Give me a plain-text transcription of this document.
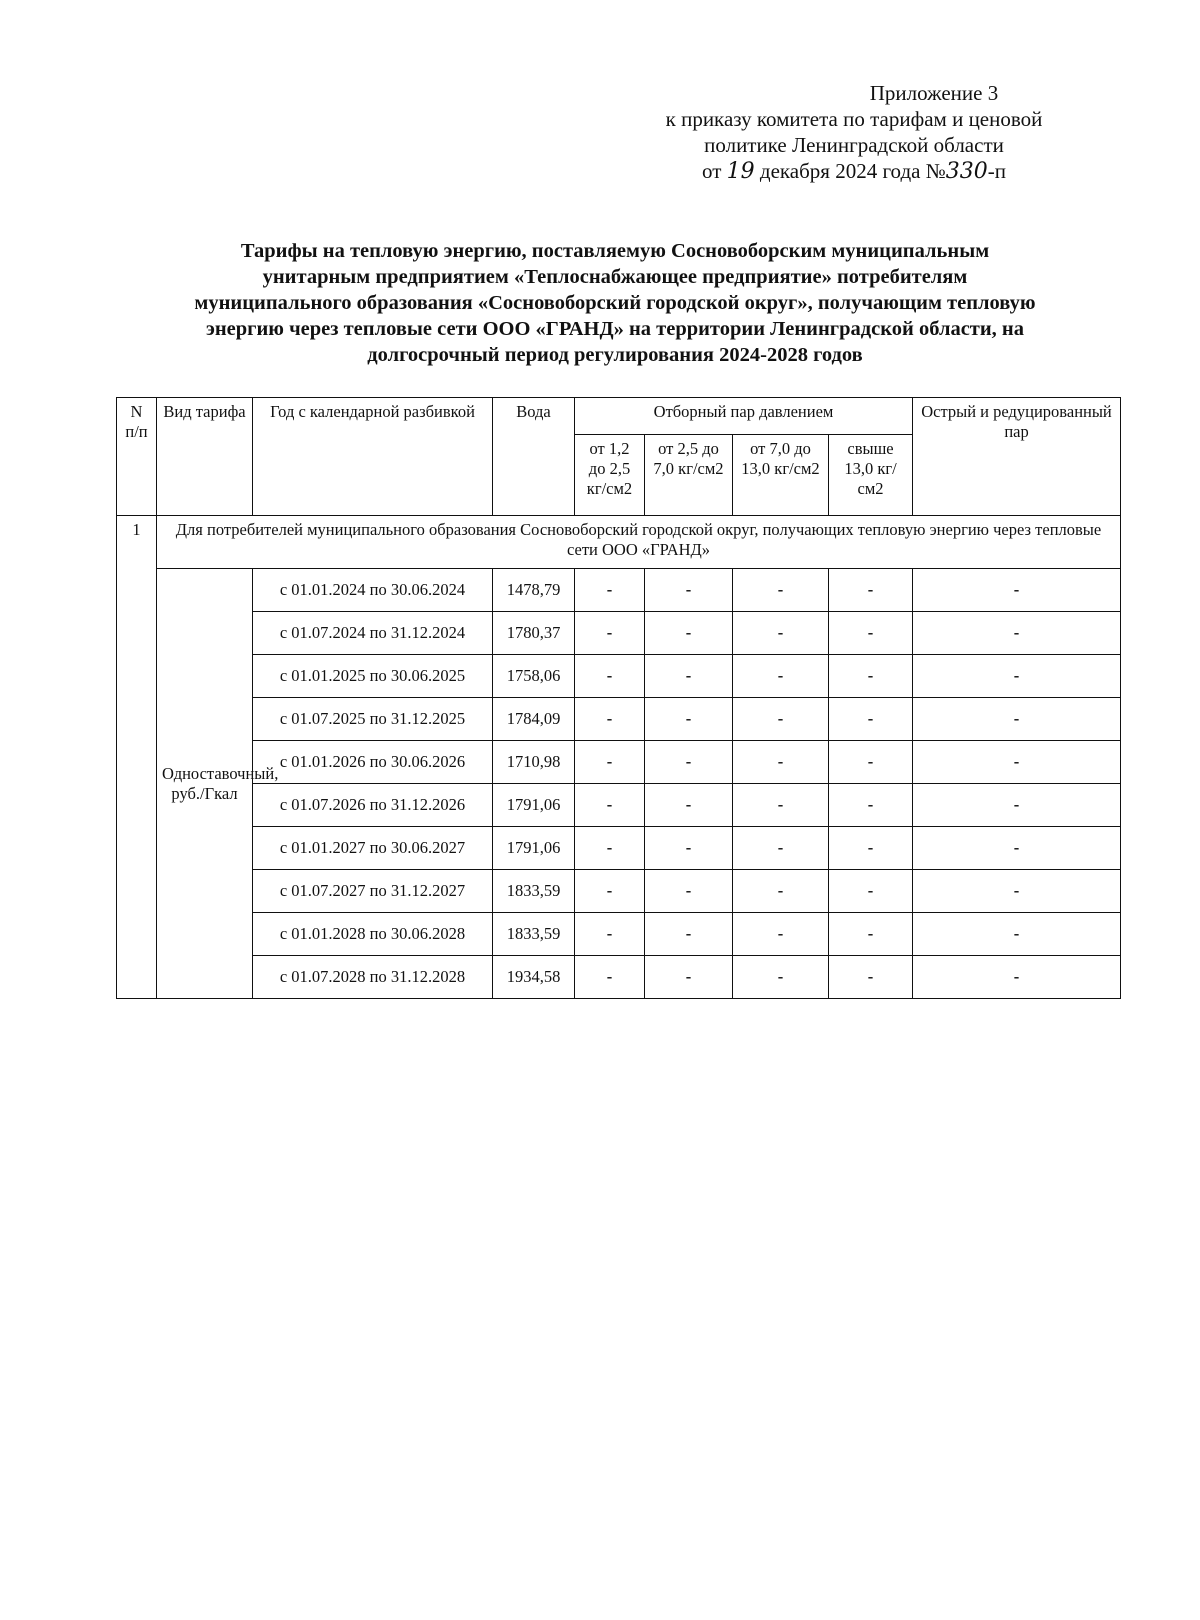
Приложение 3
к приказу комитета по тарифам и ценовой
политике Ленинградской области
от 19 декабря 2024 года №330-п
Тарифы на тепловую энергию, поставляемую Сосновоборским муниципальным
унитарным предприятием «Теплоснабжающее предприятие» потребителям
муниципального образования «Сосновоборский городской округ», получающим тепловую
энергию через тепловые сети ООО «ГРАНД» на территории Ленинградской области, на
долгосрочный период регулирования 2024-2028 годов
N п/п	Вид тарифа	Год с календарной разбивкой	Вода	Отборный пар давлением				Острый и редуцированный пар
				от 1,2 до 2,5 кг/см2	от 2,5 до 7,0 кг/см2	от 7,0 до 13,0 кг/см2	свыше 13,0 кг/см2	
1	Для потребителей муниципального образования Сосновоборский городской округ, получающих тепловую энергию через тепловые сети ООО «ГРАНД»							
	Одноставочный, руб./Гкал	с 01.01.2024 по 30.06.2024	1478,79	-	-	-	-	-
		с 01.07.2024 по 31.12.2024	1780,37	-	-	-	-	-
		с 01.01.2025 по 30.06.2025	1758,06	-	-	-	-	-
		с 01.07.2025 по 31.12.2025	1784,09	-	-	-	-	-
		с 01.01.2026 по 30.06.2026	1710,98	-	-	-	-	-
		с 01.07.2026 по 31.12.2026	1791,06	-	-	-	-	-
		с 01.01.2027 по 30.06.2027	1791,06	-	-	-	-	-
		с 01.07.2027 по 31.12.2027	1833,59	-	-	-	-	-
		с 01.01.2028 по 30.06.2028	1833,59	-	-	-	-	-
		с 01.07.2028 по 31.12.2028	1934,58	-	-	-	-	-
